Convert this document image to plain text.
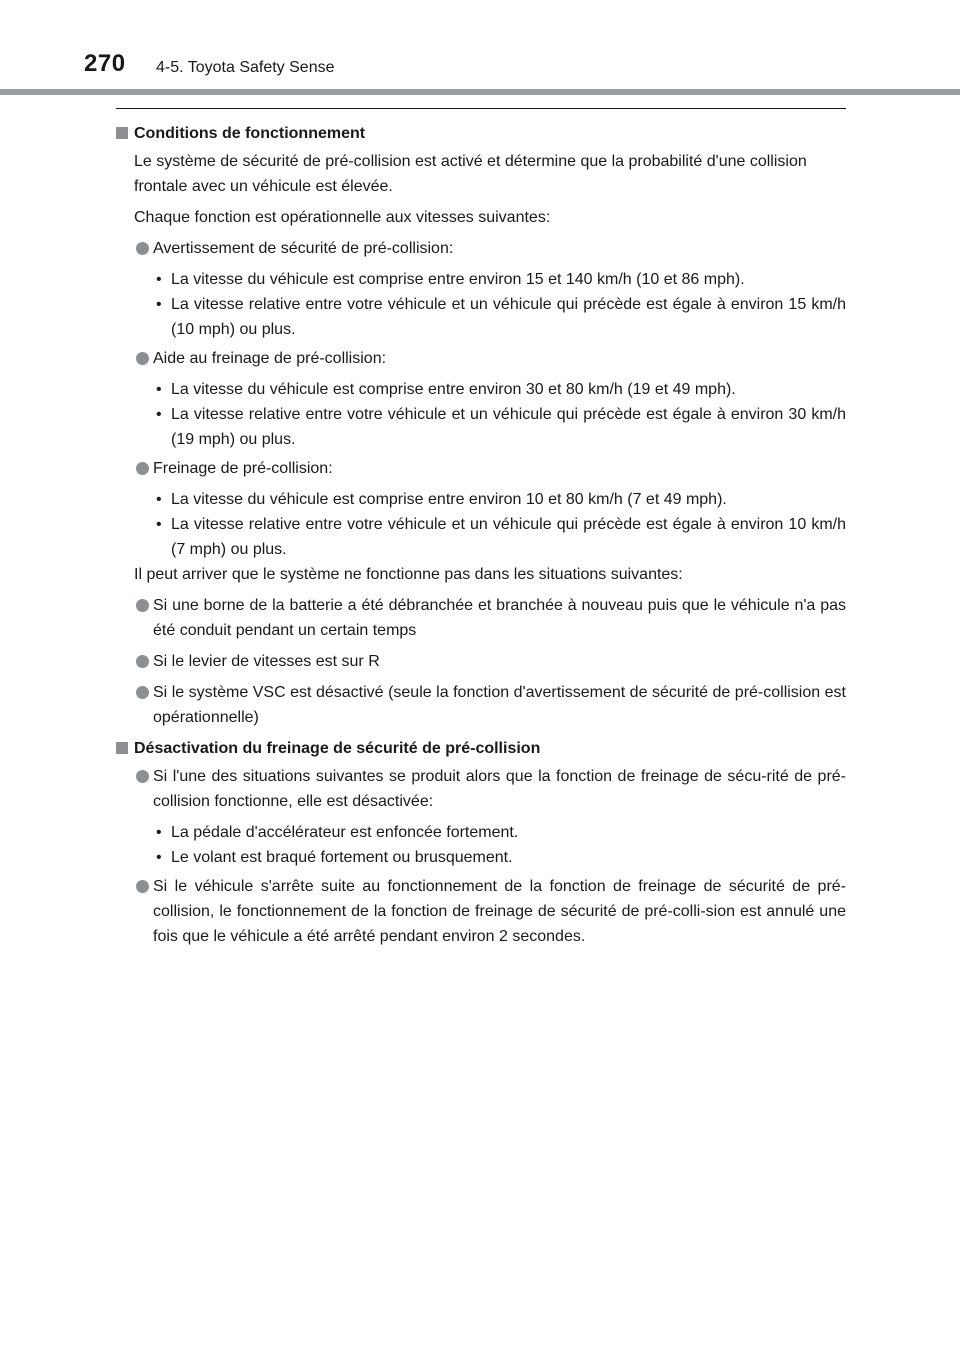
270 4-5. Toyota Safety Sense
Conditions de fonctionnement
Le système de sécurité de pré-collision est activé et détermine que la probabilité d'une collision frontale avec un véhicule est élevée.
Chaque fonction est opérationnelle aux vitesses suivantes:
Avertissement de sécurité de pré-collision:
• La vitesse du véhicule est comprise entre environ 15 et 140 km/h (10 et 86 mph).
• La vitesse relative entre votre véhicule et un véhicule qui précède est égale à environ 15 km/h (10 mph) ou plus.
Aide au freinage de pré-collision:
• La vitesse du véhicule est comprise entre environ 30 et 80 km/h (19 et 49 mph).
• La vitesse relative entre votre véhicule et un véhicule qui précède est égale à environ 30 km/h (19 mph) ou plus.
Freinage de pré-collision:
• La vitesse du véhicule est comprise entre environ 10 et 80 km/h (7 et 49 mph).
• La vitesse relative entre votre véhicule et un véhicule qui précède est égale à environ 10 km/h (7 mph) ou plus.
Il peut arriver que le système ne fonctionne pas dans les situations suivantes:
Si une borne de la batterie a été débranchée et branchée à nouveau puis que le véhicule n'a pas été conduit pendant un certain temps
Si le levier de vitesses est sur R
Si le système VSC est désactivé (seule la fonction d'avertissement de sécurité de pré-collision est opérationnelle)
Désactivation du freinage de sécurité de pré-collision
Si l'une des situations suivantes se produit alors que la fonction de freinage de sécu-rité de pré-collision fonctionne, elle est désactivée:
• La pédale d'accélérateur est enfoncée fortement.
• Le volant est braqué fortement ou brusquement.
Si le véhicule s'arrête suite au fonctionnement de la fonction de freinage de sécurité de pré-collision, le fonctionnement de la fonction de freinage de sécurité de pré-colli-sion est annulé une fois que le véhicule a été arrêté pendant environ 2 secondes.
